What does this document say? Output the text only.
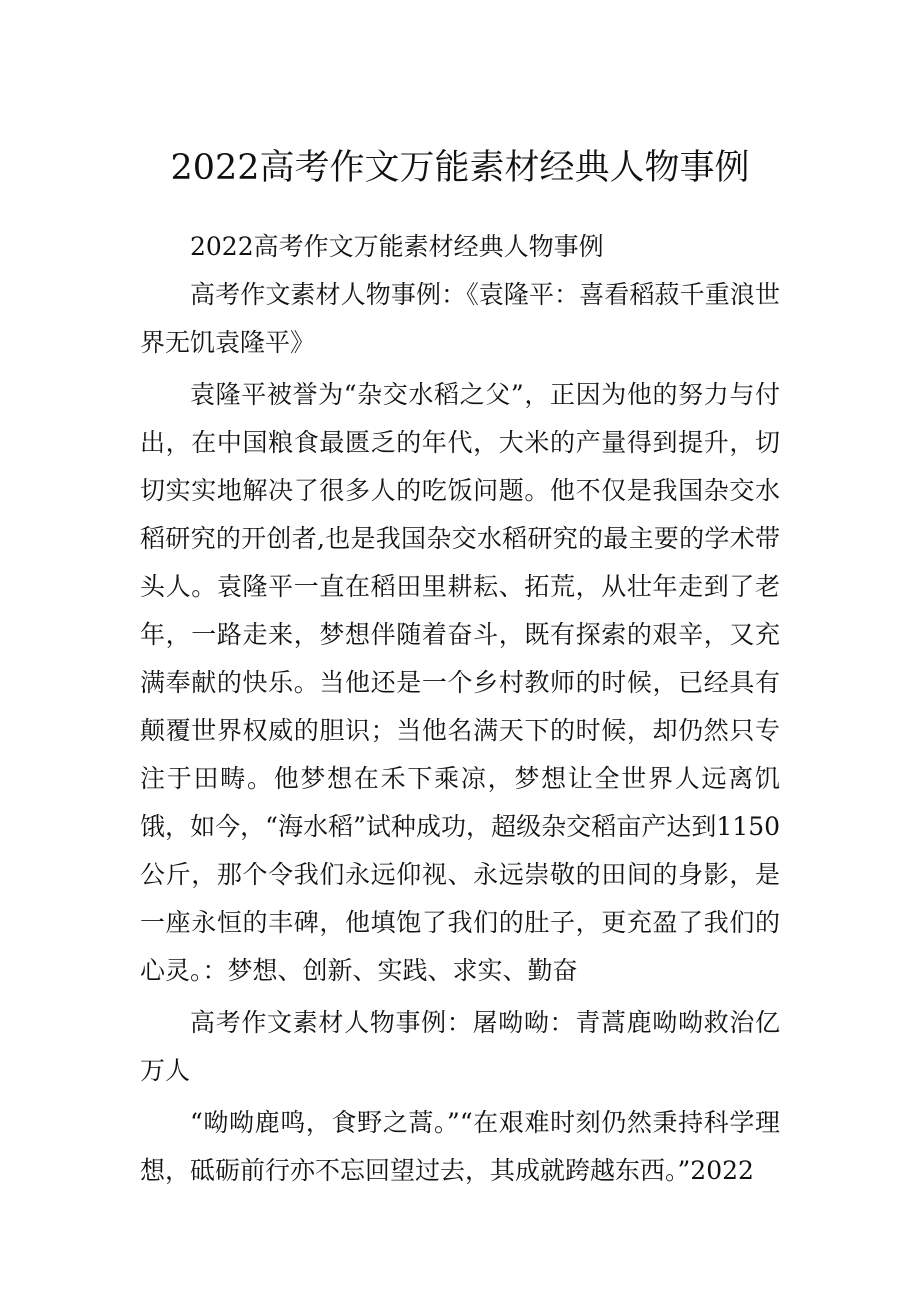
2022高考作文万能素材经典人物事例

2022高考作文万能素材经典人物事例

高考作文素材人物事例：《袁隆平：喜看稻菽千重浪世界无饥袁隆平》

袁隆平被誉为“杂交水稻之父”，正因为他的努力与付出，在中国粮食最匮乏的年代，大米的产量得到提升，切切实实地解决了很多人的吃饭问题。他不仅是我国杂交水稻研究的开创者,也是我国杂交水稻研究的最主要的学术带头人。袁隆平一直在稻田里耕耘、拓荒，从壮年走到了老年，一路走来，梦想伴随着奋斗，既有探索的艰辛，又充满奉献的快乐。当他还是一个乡村教师的时候，已经具有颠覆世界权威的胆识；当他名满天下的时候，却仍然只专注于田畴。他梦想在禾下乘凉，梦想让全世界人远离饥饿，如今，“海水稻”试种成功，超级杂交稻亩产达到1150公斤，那个令我们永远仰视、永远崇敬的田间的身影，是一座永恒的丰碑，他填饱了我们的肚子，更充盈了我们的心灵。：梦想、创新、实践、求实、勤奋

高考作文素材人物事例：屠呦呦：青蒿鹿呦呦救治亿万人

“呦呦鹿鸣，食野之蒿。”“在艰难时刻仍然秉持科学理想，砥砺前行亦不忘回望过去，其成就跨越东西。”2022
